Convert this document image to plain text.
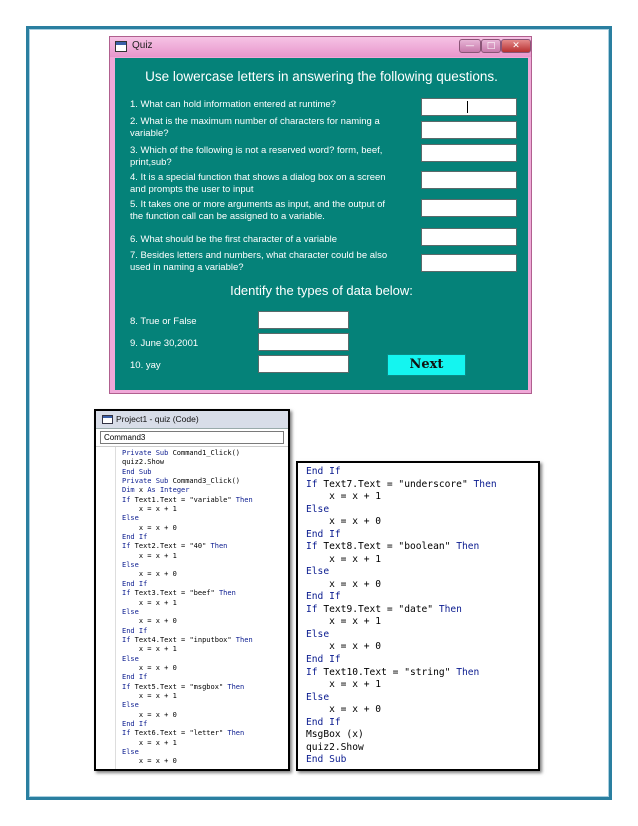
Quiz	—	□	✕
Use lowercase letters in answering the following questions.
1. What can hold information entered at runtime?
2. What is the maximum number of characters for naming a variable?
3. Which of the following is not a reserved word? form, beef, print,sub?
4. It is a special function that shows a dialog box on a screen and prompts the user to input
5. It takes one or more arguments as input, and the output of the function call can be assigned to a variable.
6. What should be the first character of a variable
7. Besides letters and numbers, what character could be also used in naming a variable?
Identify the types of data below:
8. True or False
9. June 30,2001
10. yay	Next
Project1 - quiz (Code)
Command3
Private Sub Command1_Click()
quiz2.Show
End Sub
Private Sub Command3_Click()
Dim x As Integer
If Text1.Text = "variable" Then
x = x + 1
Else
x = x + 0
End If
If Text2.Text = "40" Then
x = x + 1
Else
x = x + 0
End If
If Text3.Text = "beef" Then
x = x + 1
Else
x = x + 0
End If
If Text4.Text = "inputbox" Then
x = x + 1
Else
x = x + 0
End If
If Text5.Text = "msgbox" Then
x = x + 1
Else
x = x + 0
End If
If Text6.Text = "letter" Then
x = x + 1
Else
x = x + 0
End If
If Text7.Text = "underscore" Then
x = x + 1
Else
x = x + 0
End If
If Text8.Text = "boolean" Then
x = x + 1
Else
x = x + 0
End If
If Text9.Text = "date" Then
x = x + 1
Else
x = x + 0
End If
If Text10.Text = "string" Then
x = x + 1
Else
x = x + 0
End If
MsgBox (x)
quiz2.Show
End Sub
